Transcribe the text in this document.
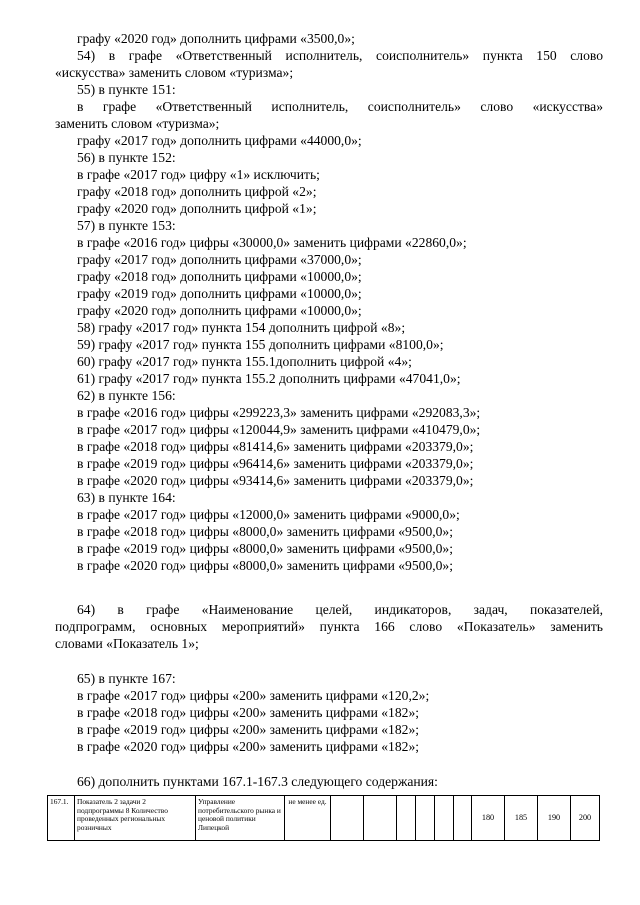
графу «2020 год» дополнить цифрами «3500,0»;
54) в графе «Ответственный исполнитель, соисполнитель» пункта 150 слово
«искусства» заменить словом «туризма»;
55) в пункте 151:
в графе «Ответственный исполнитель, соисполнитель» слово «искусства»
заменить словом «туризма»;
графу «2017 год» дополнить цифрами «44000,0»;
56) в пункте 152:
в графе «2017 год» цифру «1» исключить;
графу «2018 год» дополнить цифрой «2»;
графу «2020 год» дополнить цифрой «1»;
57) в пункте 153:
в графе «2016 год» цифры «30000,0» заменить цифрами «22860,0»;
графу «2017 год» дополнить цифрами «37000,0»;
графу «2018 год» дополнить цифрами «10000,0»;
графу «2019 год» дополнить цифрами «10000,0»;
графу «2020 год» дополнить цифрами «10000,0»;
58) графу «2017 год» пункта 154 дополнить цифрой «8»;
59) графу «2017 год» пункта 155 дополнить цифрами «8100,0»;
60) графу «2017 год» пункта 155.1дополнить цифрой «4»;
61) графу «2017 год» пункта 155.2 дополнить цифрами «47041,0»;
62) в пункте 156:
в графе «2016 год» цифры «299223,3» заменить цифрами «292083,3»;
в графе «2017 год» цифры «120044,9» заменить цифрами «410479,0»;
в графе «2018 год» цифры «81414,6» заменить цифрами «203379,0»;
в графе «2019 год» цифры «96414,6» заменить цифрами «203379,0»;
в графе «2020 год» цифры «93414,6» заменить цифрами «203379,0»;
63) в пункте 164:
в графе «2017 год» цифры «12000,0» заменить цифрами «9000,0»;
в графе «2018 год» цифры «8000,0» заменить цифрами «9500,0»;
в графе «2019 год» цифры «8000,0» заменить цифрами «9500,0»;
в графе «2020 год» цифры «8000,0» заменить цифрами «9500,0»;
64) в графе «Наименование целей, индикаторов, задач, показателей,
подпрограмм, основных мероприятий» пункта 166 слово «Показатель» заменить
словами «Показатель 1»;
65) в пункте 167:
в графе «2017 год» цифры «200» заменить цифрами «120,2»;
в графе «2018 год» цифры «200» заменить цифрами «182»;
в графе «2019 год» цифры «200» заменить цифрами «182»;
в графе «2020 год» цифры «200» заменить цифрами «182»;
66) дополнить пунктами 167.1-167.3 следующего содержания:
167.1.	Показатель 2 задачи 2 подпрограммы 8 Количество проведенных региональных розничных	Управление потребительского рынка и ценовой политики Липецкой	не менее ед.							180	185	190	200
